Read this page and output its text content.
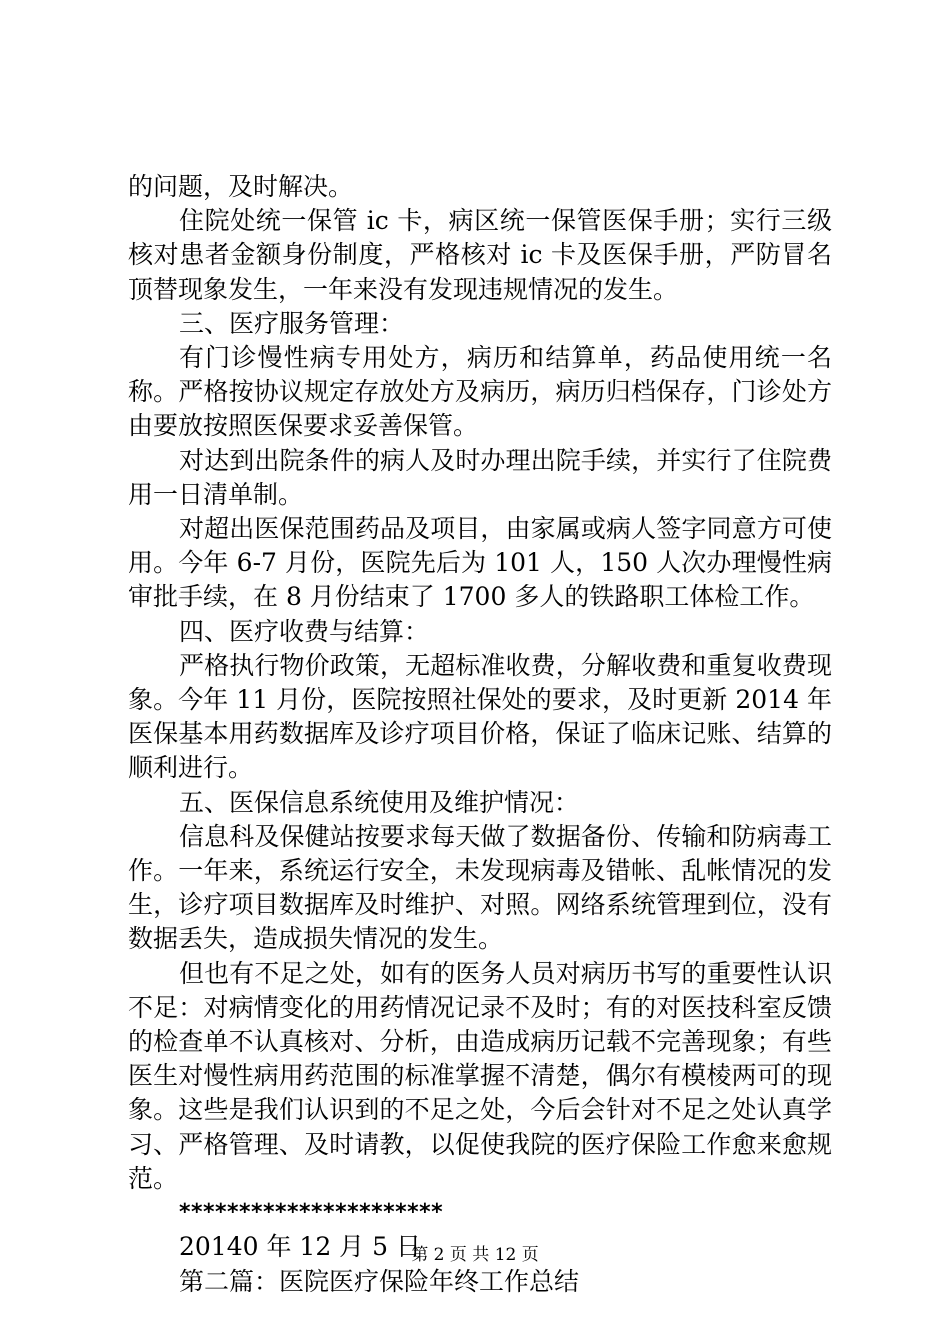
的问题，及时解决。

住院处统一保管 ic 卡，病区统一保管医保手册；实行三级核对患者金额身份制度，严格核对 ic 卡及医保手册，严防冒名顶替现象发生，一年来没有发现违规情况的发生。

三、医疗服务管理：

有门诊慢性病专用处方，病历和结算单，药品使用统一名称。严格按协议规定存放处方及病历，病历归档保存，门诊处方由要放按照医保要求妥善保管。

对达到出院条件的病人及时办理出院手续，并实行了住院费用一日清单制。

对超出医保范围药品及项目，由家属或病人签字同意方可使用。今年 6-7 月份，医院先后为 101 人，150 人次办理慢性病审批手续，在 8 月份结束了 1700 多人的铁路职工体检工作。

四、医疗收费与结算：

严格执行物价政策，无超标准收费，分解收费和重复收费现象。今年 11 月份，医院按照社保处的要求，及时更新 2014 年医保基本用药数据库及诊疗项目价格，保证了临床记账、结算的顺利进行。

五、医保信息系统使用及维护情况：

信息科及保健站按要求每天做了数据备份、传输和防病毒工作。一年来，系统运行安全，未发现病毒及错帐、乱帐情况的发生，诊疗项目数据库及时维护、对照。网络系统管理到位，没有数据丢失，造成损失情况的发生。

但也有不足之处，如有的医务人员对病历书写的重要性认识不足：对病情变化的用药情况记录不及时；有的对医技科室反馈的检查单不认真核对、分析，由造成病历记载不完善现象；有些医生对慢性病用药范围的标准掌握不清楚，偶尔有模棱两可的现象。这些是我们认识到的不足之处，今后会针对不足之处认真学习、严格管理、及时请教，以促使我院的医疗保险工作愈来愈规范。

**********************

20140 年 12 月 5 日

第二篇：医院医疗保险年终工作总结

第 2 页 共 12 页
